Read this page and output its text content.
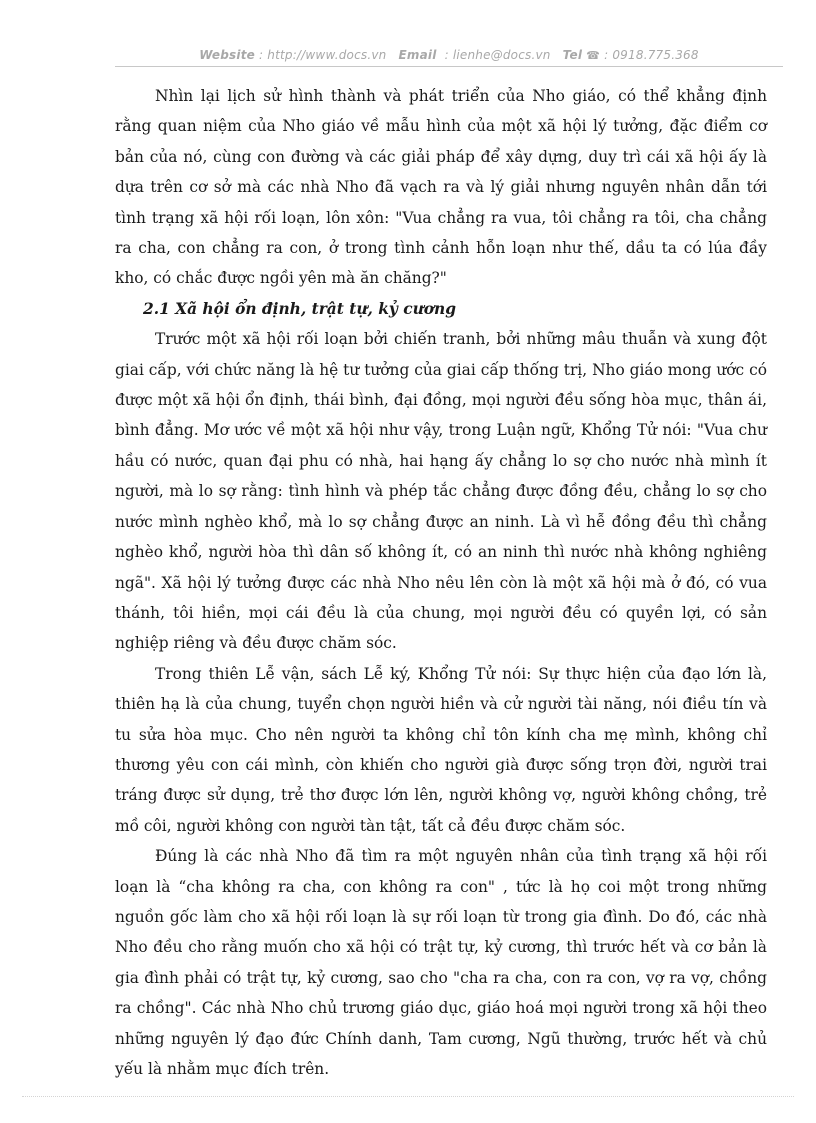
Website : http://www.docs.vn Email : lienhe@docs.vn Tel ☎ : 0918.775.368

Nhìn lại lịch sử hình thành và phát triển của Nho giáo, có thể khẳng định rằng quan niệm của Nho giáo về mẫu hình của một xã hội lý tưởng, đặc điểm cơ bản của nó, cùng con đường và các giải pháp để xây dựng, duy trì cái xã hội ấy là dựa trên cơ sở mà các nhà Nho đã vạch ra và lý giải nhưng nguyên nhân dẫn tới tình trạng xã hội rối loạn, lôn xôn: "Vua chẳng ra vua, tôi chẳng ra tôi, cha chẳng ra cha, con chẳng ra con, ở trong tình cảnh hỗn loạn như thế, dầu ta có lúa đầy kho, có chắc được ngồi yên mà ăn chăng?"

2.1 Xã hội ổn định, trật tự, kỷ cương

Trước một xã hội rối loạn bởi chiến tranh, bởi những mâu thuẫn và xung đột giai cấp, với chức năng là hệ tư tưởng của giai cấp thống trị, Nho giáo mong ước có được một xã hội ổn định, thái bình, đại đồng, mọi người đều sống hòa mục, thân ái, bình đẳng. Mơ ước về một xã hội như vậy, trong Luận ngữ, Khổng Tử nói: "Vua chư hầu có nước, quan đại phu có nhà, hai hạng ấy chẳng lo sợ cho nước nhà mình ít người, mà lo sợ rằng: tình hình và phép tắc chẳng được đồng đều, chẳng lo sợ cho nước mình nghèo khổ, mà lo sợ chẳng được an ninh. Là vì hễ đồng đều thì chẳng nghèo khổ, người hòa thì dân số không ít, có an ninh thì nước nhà không nghiêng ngã". Xã hội lý tưởng được các nhà Nho nêu lên còn là một xã hội mà ở đó, có vua thánh, tôi hiền, mọi cái đều là của chung, mọi người đều có quyền lợi, có sản nghiệp riêng và đều được chăm sóc.

Trong thiên Lễ vận, sách Lễ ký, Khổng Tử nói: Sự thực hiện của đạo lớn là, thiên hạ là của chung, tuyển chọn người hiền và cử người tài năng, nói điều tín và tu sửa hòa mục. Cho nên người ta không chỉ tôn kính cha mẹ mình, không chỉ thương yêu con cái mình, còn khiến cho người già được sống trọn đời, người trai tráng được sử dụng, trẻ thơ được lớn lên, người không vợ, người không chồng, trẻ mồ côi, người không con người tàn tật, tất cả đều được chăm sóc.

Đúng là các nhà Nho đã tìm ra một nguyên nhân của tình trạng xã hội rối loạn là “cha không ra cha, con không ra con" , tức là họ coi một trong những nguồn gốc làm cho xã hội rối loạn là sự rối loạn từ trong gia đình. Do đó, các nhà Nho đều cho rằng muốn cho xã hội có trật tự, kỷ cương, thì trước hết và cơ bản là gia đình phải có trật tự, kỷ cương, sao cho "cha ra cha, con ra con, vợ ra vợ, chồng ra chồng". Các nhà Nho chủ trương giáo dục, giáo hoá mọi người trong xã hội theo những nguyên lý đạo đức Chính danh, Tam cương, Ngũ thường, trước hết và chủ yếu là nhằm mục đích trên.
